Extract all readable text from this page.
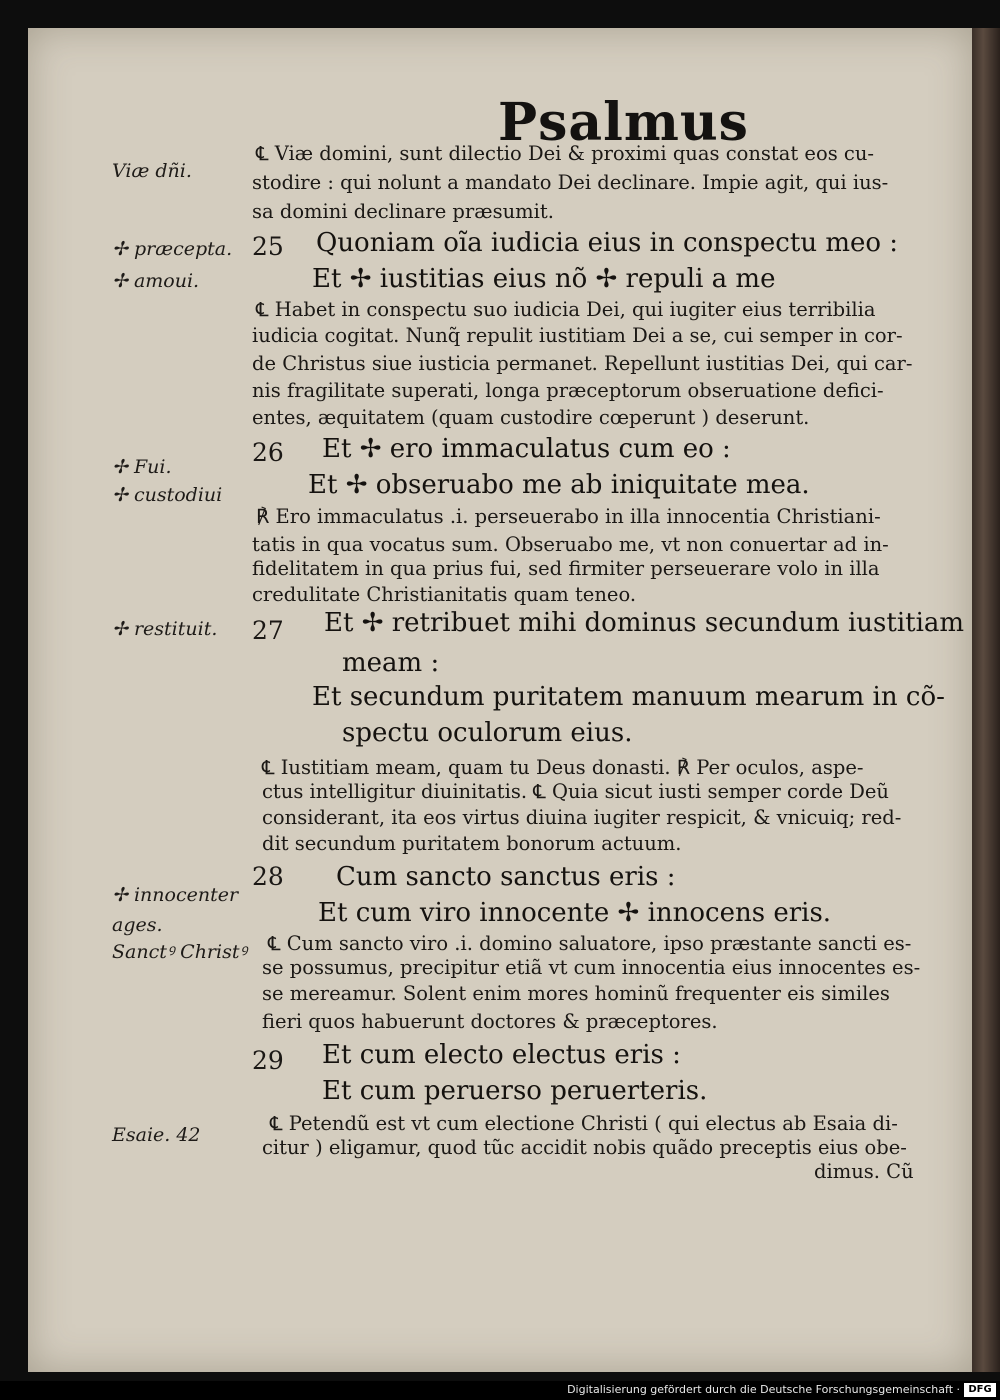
Psalmus
Viæ dñi.
✢ præcepta.
✢ amoui.
✢ Fui.
✢ custodiui
✢ restituit.
✢ innocenter
ages.
Sanctꝰ Christꝰ
Esaie. 42
25
26
27
28
29
Quoniam oĩa iudicia eius in conspectu meo :
Et ✢ iustitias eius nõ ✢ repuli a me
Et ✢ ero immaculatus cum eo :
Et ✢ obseruabo me ab iniquitate mea.
Et ✢ retribuet mihi dominus secundum iustitiam
meam :
Et secundum puritatem manuum mearum in cõ-
spectu oculorum eius.
Cum sancto sanctus eris :
Et cum viro innocente ✢ innocens eris.
Et cum electo electus eris :
Et cum peruerso peruerteris.
℄ Viæ domini, sunt dilectio Dei & proximi quas constat eos cu-
stodire : qui nolunt a mandato Dei declinare. Impie agit, qui ius-
sa domini declinare præsumit.
℄ Habet in conspectu suo iudicia Dei, qui iugiter eius terribilia
iudicia cogitat. Nunq̃ repulit iustitiam Dei a se, cui semper in cor-
de Christus siue iusticia permanet. Repellunt iustitias Dei, qui car-
nis fragilitate superati, longa præceptorum obseruatione defici-
entes, æquitatem (quam custodire cœperunt ) deserunt.
℟ Ero immaculatus .i. perseuerabo in illa innocentia Christiani-
tatis in qua vocatus sum. Obseruabo me, vt non conuertar ad in-
fidelitatem in qua prius fui, sed firmiter perseuerare volo in illa
credulitate Christianitatis quam teneo.
℄ Iustitiam meam, quam tu Deus donasti. ℟ Per oculos, aspe-
ctus intelligitur diuinitatis. ℄ Quia sicut iusti semper corde Deũ
considerant, ita eos virtus diuina iugiter respicit, & vnicuiq; red-
dit secundum puritatem bonorum actuum.
℄ Cum sancto viro .i. domino saluatore, ipso præstante sancti es-
se possumus, precipitur etiã vt cum innocentia eius innocentes es-
se mereamur. Solent enim mores hominũ frequenter eis similes
fieri quos habuerunt doctores & præceptores.
℄ Petendũ est vt cum electione Christi ( qui electus ab Esaia di-
citur ) eligamur, quod tũc accidit nobis quãdo preceptis eius obe-
dimus. Cũ
Digitalisierung gefördert durch die Deutsche Forschungsgemeinschaft · DFG
